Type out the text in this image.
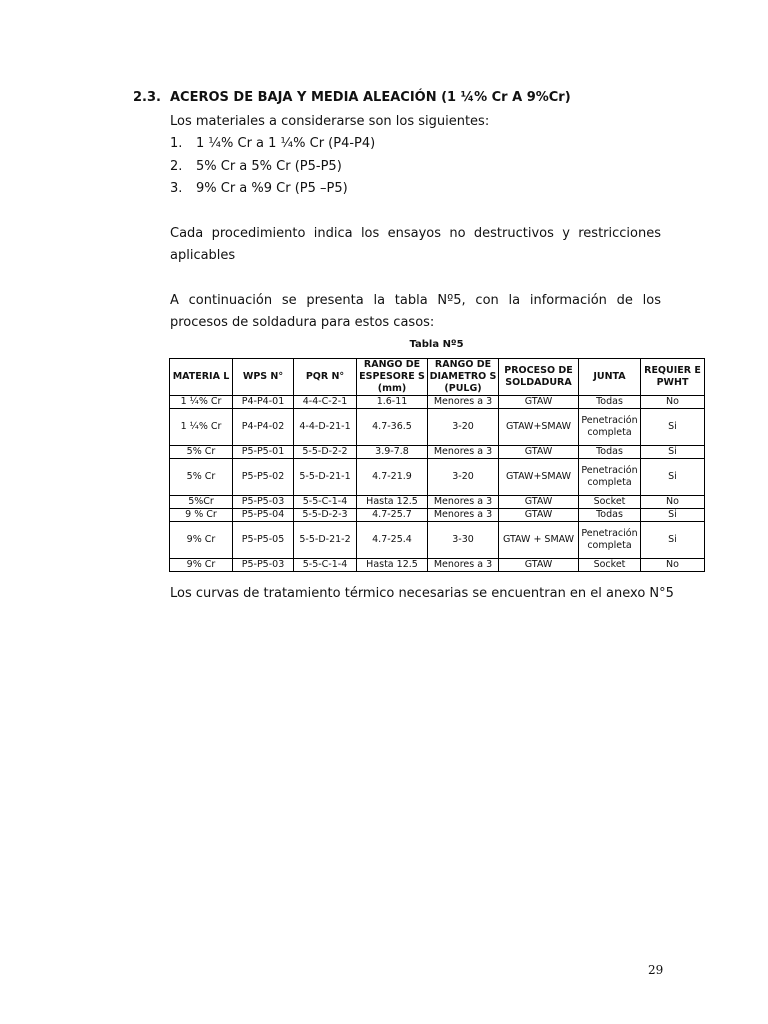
2.3. ACEROS DE BAJA Y MEDIA ALEACIÓN (1 ¼% Cr A 9%Cr)
Los materiales a considerarse son los siguientes:
1. 1 ¼% Cr a 1 ¼% Cr (P4-P4)
2. 5% Cr a 5% Cr (P5-P5)
3. 9% Cr a %9 Cr (P5 –P5)
Cada procedimiento indica los ensayos no destructivos y restricciones aplicables
A continuación se presenta la tabla Nº5, con la información de los procesos de soldadura para estos casos:
Tabla Nº5
MATERIA L	WPS N°	PQR N°	RANGO DE ESPESORE S (mm)	RANGO DE DIAMETRO S (PULG)	PROCESO DE SOLDADURA	JUNTA	REQUIER E PWHT
1 ¼% Cr	P4-P4-01	4-4-C-2-1	1.6-11	Menores a 3	GTAW	Todas	No
1 ¼% Cr	P4-P4-02	4-4-D-21-1	4.7-36.5	3-20	GTAW+SMAW	Penetración completa	Si
5% Cr	P5-P5-01	5-5-D-2-2	3.9-7.8	Menores a 3	GTAW	Todas	Si
5% Cr	P5-P5-02	5-5-D-21-1	4.7-21.9	3-20	GTAW+SMAW	Penetración completa	Si
5%Cr	P5-P5-03	5-5-C-1-4	Hasta 12.5	Menores a 3	GTAW	Socket	No
9 % Cr	P5-P5-04	5-5-D-2-3	4.7-25.7	Menores a 3	GTAW	Todas	Si
9% Cr	P5-P5-05	5-5-D-21-2	4.7-25.4	3-30	GTAW + SMAW	Penetración completa	Si
9% Cr	P5-P5-03	5-5-C-1-4	Hasta 12.5	Menores a 3	GTAW	Socket	No
Los curvas de tratamiento térmico necesarias se encuentran en el anexo N°5
29
